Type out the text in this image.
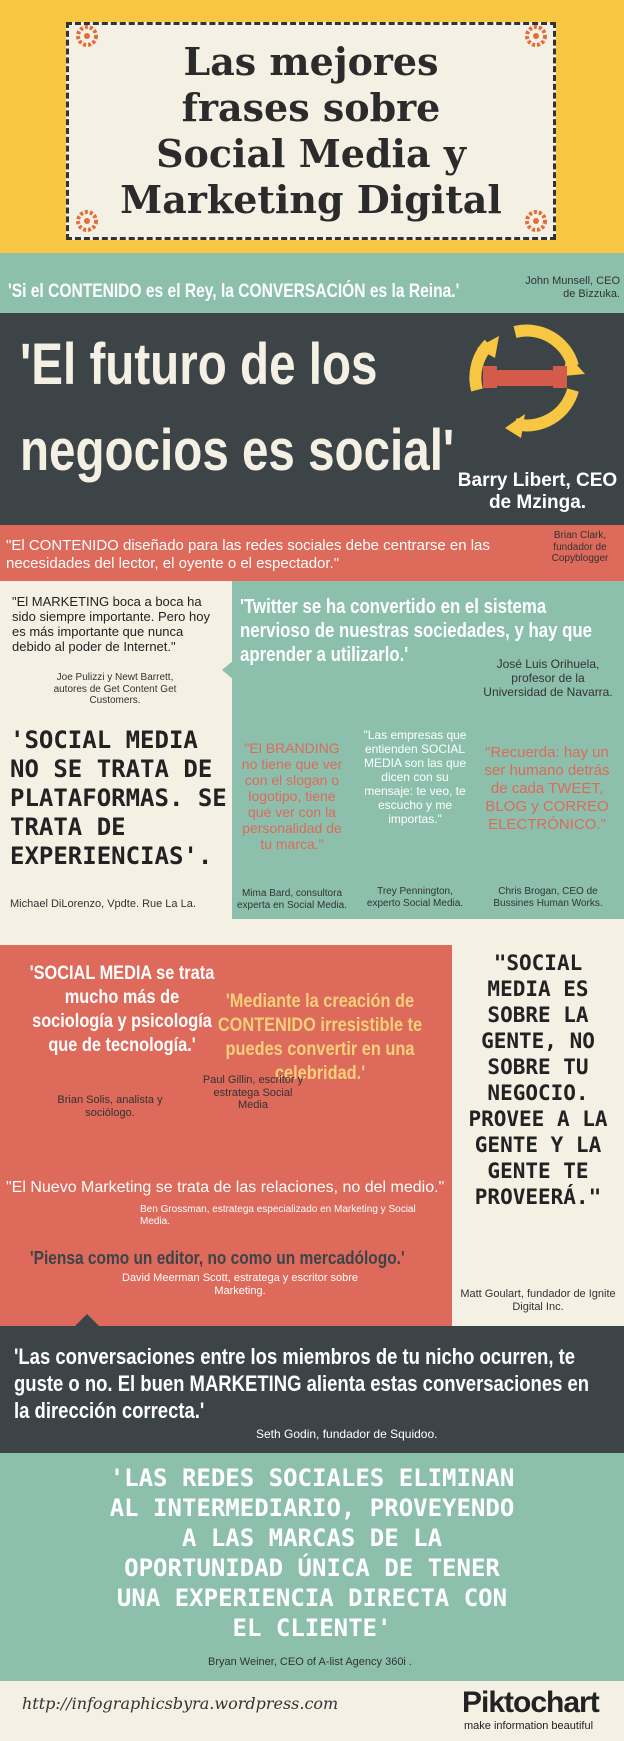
Las mejores
frases sobre
Social Media y
Marketing Digital
'Si el CONTENIDO es el Rey, la CONVERSACIÓN es la Reina.'	John Munsell, CEO de Bizzuka.
'El futuro de los
negocios es social' Barry Libert, CEO de Mzinga.
"El CONTENIDO diseñado para las redes sociales debe centrarse en las necesidades del lector, el oyente o el espectador."
Brian Clark, fundador de Copyblogger
"El MARKETING boca a boca ha sido siempre importante. Pero hoy es más importante que nunca debido al poder de Internet."
Joe Pulizzi y Newt Barrett, autores de Get Content Get Customers.
'Twitter se ha convertido en el sistema nervioso de nuestras sociedades, y hay que aprender a utilizarlo.'	José Luis Orihuela, profesor de la Universidad de Navarra.
'SOCIAL MEDIA NO SE TRATA DE PLATAFORMAS. SE TRATA DE EXPERIENCIAS'.
Michael DiLorenzo, Vpdte. Rue La La.
"El BRANDING no tiene que ver con el slogan o logotipo, tiene que ver con la personalidad de tu marca."
Mima Bard, consultora experta en Social Media.
"Las empresas que entienden SOCIAL MEDIA son las que dicen con su mensaje: te veo, te escucho y me importas."
Trey Pennington, experto Social Media.
"Recuerda: hay un ser humano detrás de cada TWEET, BLOG y CORREO ELECTRÓNICO."
Chris Brogan, CEO de Bussines Human Works.
'SOCIAL MEDIA se trata mucho más de sociología y psicología que de tecnología.'
Brian Solis, analista y sociólogo.
'Mediante la creación de CONTENIDO irresistible te puedes convertir en una celebridad.'
Paul Gillin, escritor y estratega Social Media
"El Nuevo Marketing se trata de las relaciones, no del medio."
Ben Grossman, estratega especializado en Marketing y Social Media.
'Piensa como un editor, no como un mercadólogo.'
David Meerman Scott, estratega y escritor sobre Marketing.
"SOCIAL MEDIA ES SOBRE LA GENTE, NO SOBRE TU NEGOCIO. PROVEE A LA GENTE Y LA GENTE TE PROVEERÁ."
Matt Goulart, fundador de Ignite Digital Inc.
'Las conversaciones entre los miembros de tu nicho ocurren, te guste o no. El buen MARKETING alienta estas conversaciones en la dirección correcta.'
Seth Godin, fundador de Squidoo.
'LAS REDES SOCIALES ELIMINAN AL INTERMEDIARIO, PROVEYENDO A LAS MARCAS DE LA OPORTUNIDAD ÚNICA DE TENER UNA EXPERIENCIA DIRECTA CON EL CLIENTE'
Bryan Weiner, CEO of A-list Agency 360i .
http://infographicsbyra.wordpress.com	Piktochart
make information beautiful
